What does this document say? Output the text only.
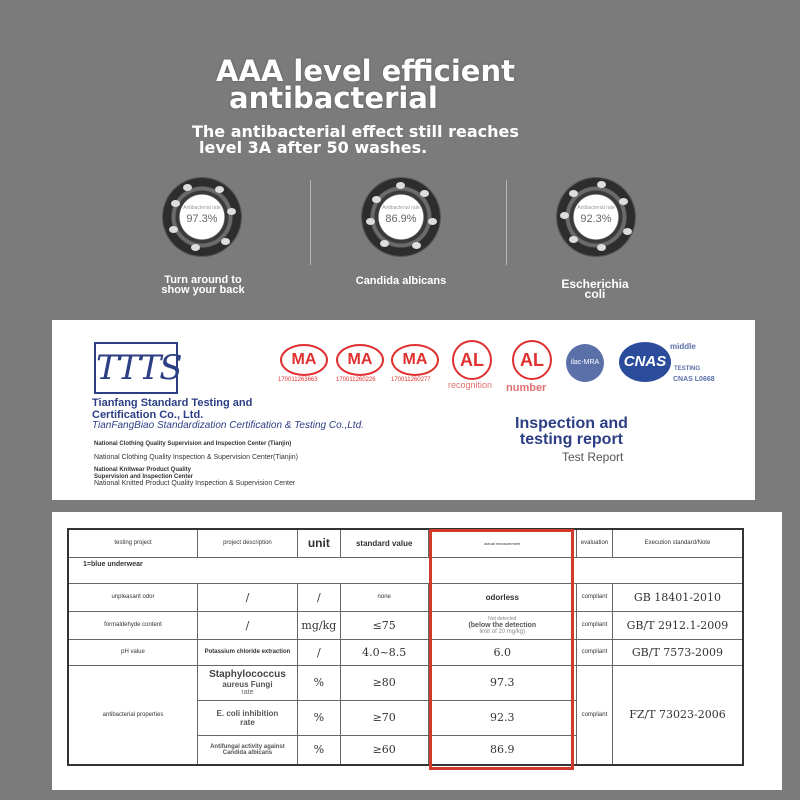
AAA level efficient
antibacterial
The antibacterial effect still reaches
level 3A after 50 washes.
Antibacterial rate
97.3%
Antibacterial rate
86.9%
Antibacterial rate
92.3%
Turn around to
show your back
Candida albicans	Escherichia
coli
TTTS	MA
170011263663
MA
170011260226
MA
170011260277
AL
recognition
AL
number
ilac-MRA	CNAS
middle
TESTING
CNAS L0668
Tianfang Standard Testing and
Certification Co., Ltd.
TianFangBiao Standardization Certification & Testing Co.,Ltd.
National Clothing Quality Supervision and Inspection Center (Tianjin)
National Clothing Quality Inspection & Supervision Center(Tianjin)
National Knitwear Product Quality
Supervision and Inspection Center
National Knitted Product Quality Inspection & Supervision Center
Inspection and
testing report
Test Report
testing project	project description	unit	standard value	actual measurement	evaluation	Execution standard/Note
1=blue underwear						
unpleasant odor	/	/	none	odorless	compliant	GB 18401-2010
formaldehyde content	/	mg/kg	≤75	Not detected
(below the detection
limit of 20 mg/kg)	compliant	GB/T 2912.1-2009
pH value	Potassium chloride extraction	/	4.0~8.5	6.0	compliant	GB/T 7573-2009
antibacterial properties	Staphylococcus
aureus Fungi
rate	%	≥80	97.3	compliant	FZ/T 73023-2006

	E. coli inhibition
rate	%	≥70	92.3		

	Antifungal activity against
Candida albicans	%	≥60	86.9		
